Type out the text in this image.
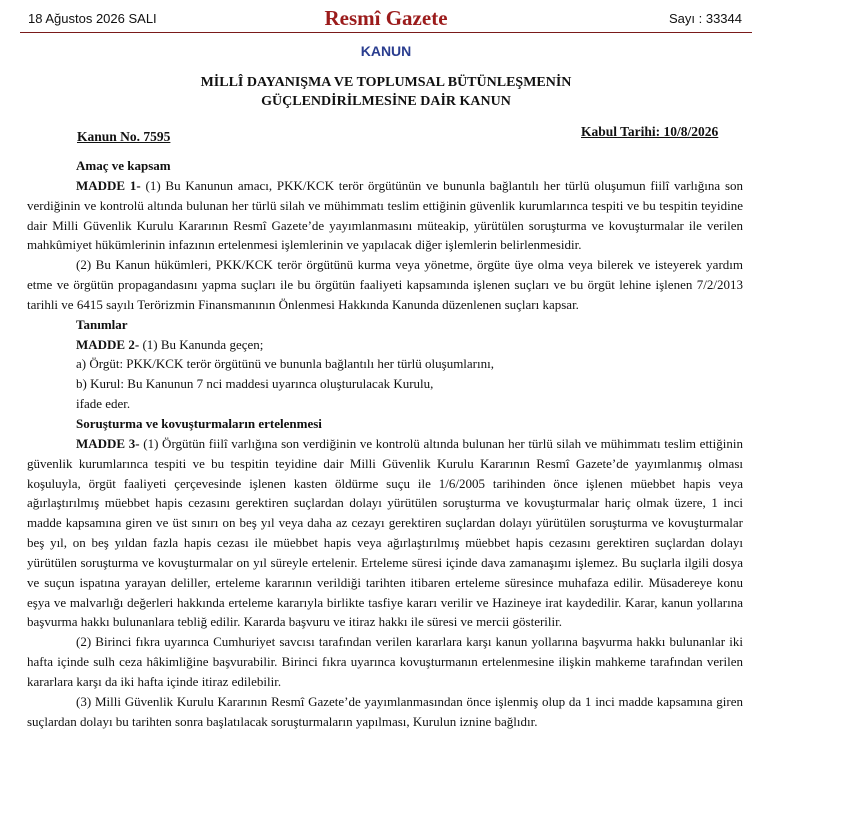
18 Ağustos 2026 SALI	Resmî Gazete	Sayı : 33344
KANUN
MİLLÎ DAYANIŞMA VE TOPLUMSAL BÜTÜNLEŞMENİN
GÜÇLENDİRİLMESİNE DAİR KANUN
Kanun No. 7595	Kabul Tarihi: 10/8/2026

Amaç ve kapsam

MADDE 1- (1) Bu Kanunun amacı, PKK/KCK terör örgütünün ve bununla bağlantılı her türlü oluşumun fiilî varlığına son verdiğinin ve kontrolü altında bulunan her türlü silah ve mühimmatı teslim ettiğinin güvenlik kurumlarınca tespiti ve bu tespitin teyidine dair Milli Güvenlik Kurulu Kararının Resmî Gazete’de yayımlanmasını müteakip, yürütülen soruşturma ve kovuşturmalar ile verilen mahkûmiyet hükümlerinin infazının ertelenmesi işlemlerinin ve yapılacak diğer işlemlerin belirlenmesidir.

(2) Bu Kanun hükümleri, PKK/KCK terör örgütünü kurma veya yönetme, örgüte üye olma veya bilerek ve isteyerek yardım etme ve örgütün propagandasını yapma suçları ile bu örgütün faaliyeti kapsamında işlenen suçları ve bu örgüt lehine işlenen 7/2/2013 tarihli ve 6415 sayılı Terörizmin Finansmanının Önlenmesi Hakkında Kanunda düzenlenen suçları kapsar.

Tanımlar

MADDE 2- (1) Bu Kanunda geçen;

a) Örgüt: PKK/KCK terör örgütünü ve bununla bağlantılı her türlü oluşumlarını,

b) Kurul: Bu Kanunun 7 nci maddesi uyarınca oluşturulacak Kurulu,

ifade eder.

Soruşturma ve kovuşturmaların ertelenmesi

MADDE 3- (1) Örgütün fiilî varlığına son verdiğinin ve kontrolü altında bulunan her türlü silah ve mühimmatı teslim ettiğinin güvenlik kurumlarınca tespiti ve bu tespitin teyidine dair Milli Güvenlik Kurulu Kararının Resmî Gazete’de yayımlanmış olması koşuluyla, örgüt faaliyeti çerçevesinde işlenen kasten öldürme suçu ile 1/6/2005 tarihinden önce işlenen müebbet hapis veya ağırlaştırılmış müebbet hapis cezasını gerektiren suçlardan dolayı yürütülen soruşturma ve kovuşturmalar hariç olmak üzere, 1 inci madde kapsamına giren ve üst sınırı on beş yıl veya daha az cezayı gerektiren suçlardan dolayı yürütülen soruşturma ve kovuşturmalar beş yıl, on beş yıldan fazla hapis cezası ile müebbet hapis veya ağırlaştırılmış müebbet hapis cezasını gerektiren suçlardan dolayı yürütülen soruşturma ve kovuşturmalar on yıl süreyle ertelenir. Erteleme süresi içinde dava zamanaşımı işlemez. Bu suçlarla ilgili dosya ve suçun ispatına yarayan deliller, erteleme kararının verildiği tarihten itibaren erteleme süresince muhafaza edilir. Müsadereye konu eşya ve malvarlığı değerleri hakkında erteleme kararıyla birlikte tasfiye kararı verilir ve Hazineye irat kaydedilir. Karar, kanun yollarına başvurma hakkı bulunanlara tebliğ edilir. Kararda başvuru ve itiraz hakkı ile süresi ve mercii gösterilir.

(2) Birinci fıkra uyarınca Cumhuriyet savcısı tarafından verilen kararlara karşı kanun yollarına başvurma hakkı bulunanlar iki hafta içinde sulh ceza hâkimliğine başvurabilir. Birinci fıkra uyarınca kovuşturmanın ertelenmesine ilişkin mahkeme tarafından verilen kararlara karşı da iki hafta içinde itiraz edilebilir.

(3) Milli Güvenlik Kurulu Kararının Resmî Gazete’de yayımlanmasından önce işlenmiş olup da 1 inci madde kapsamına giren suçlardan dolayı bu tarihten sonra başlatılacak soruşturmaların yapılması, Kurulun iznine bağlıdır.
